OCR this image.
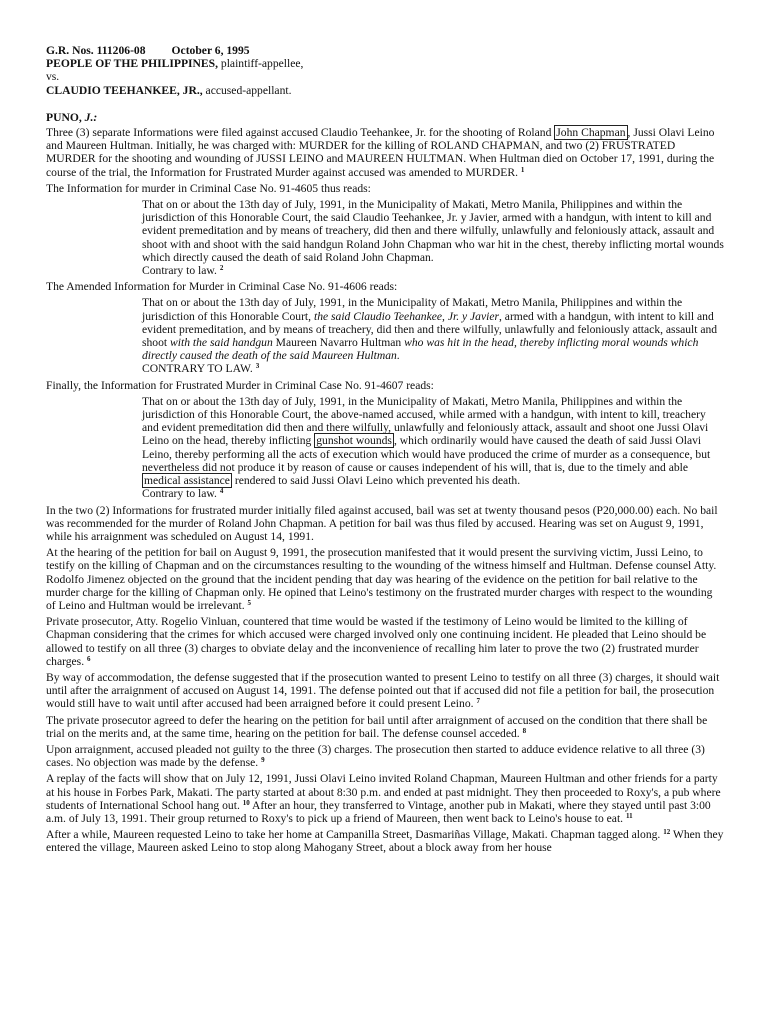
G.R. Nos. 111206-08 October 6, 1995

PEOPLE OF THE PHILIPPINES, plaintiff-appellee,

vs.

CLAUDIO TEEHANKEE, JR., accused-appellant.

PUNO, J.:

Three (3) separate Informations were filed against accused Claudio Teehankee, Jr. for the shooting of Roland John Chapman , Jussi Olavi Leino and Maureen Hultman. Initially, he was charged with: MURDER for the killing of ROLAND CHAPMAN, and two (2) FRUSTRATED MURDER for the shooting and wounding of JUSSI LEINO and MAUREEN HULTMAN. When Hultman died on October 17, 1991, during the course of the trial, the Information for Frustrated Murder against accused was amended to MURDER. $^1$

The Information for murder in Criminal Case No. 91-4605 thus reads:

That on or about the 13th day of July, 1991, in the Municipality of Makati, Metro Manila, Philippines and within the jurisdiction of this Honorable Court, the said Claudio Teehankee, Jr. y Javier, armed with a handgun, with intent to kill and evident premeditation and by means of treachery, did then and there wilfully, unlawfully and feloniously attack, assault and shoot with and shoot with the said handgun Roland John Chapman who war hit in the chest, thereby inflicting mortal wounds which directly caused the death of said Roland John Chapman.

Contrary to law. $^2$

The Amended Information for Murder in Criminal Case No. 91-4606 reads:

That on or about the 13th day of July, 1991, in the Municipality of Makati, Metro Manila, Philippines and within the jurisdiction of this Honorable Court, the said Claudio Teehankee, Jr. y Javier, armed with a handgun, with intent to kill and evident premeditation, and by means of treachery, did then and there wilfully, unlawfully and feloniously attack, assault and shoot with the said handgun Maureen Navarro Hultman who was hit in the head, thereby inflicting moral wounds which directly caused the death of the said Maureen Hultman.

CONTRARY TO LAW. $^3$

Finally, the Information for Frustrated Murder in Criminal Case No. 91-4607 reads:

That on or about the 13th day of July, 1991, in the Municipality of Makati, Metro Manila, Philippines and within the jurisdiction of this Honorable Court, the above-named accused, while armed with a handgun, with intent to kill, treachery and evident premeditation did then and there wilfully, unlawfully and feloniously attack, assault and shoot one Jussi Olavi Leino on the head, thereby inflicting gunshot wounds , which ordinarily would have caused the death of said Jussi Olavi Leino, thereby performing all the acts of execution which would have produced the crime of murder as a consequence, but nevertheless did not produce it by reason of cause or causes independent of his will, that is, due to the timely and able medical assistance rendered to said Jussi Olavi Leino which prevented his death.

Contrary to law. $^4$

In the two (2) Informations for frustrated murder initially filed against accused, bail was set at twenty thousand pesos (P20,000.00) each. No bail was recommended for the murder of Roland John Chapman. A petition for bail was thus filed by accused. Hearing was set on August 9, 1991, while his arraignment was scheduled on August 14, 1991.

At the hearing of the petition for bail on August 9, 1991, the prosecution manifested that it would present the surviving victim, Jussi Leino, to testify on the killing of Chapman and on the circumstances resulting to the wounding of the witness himself and Hultman. Defense counsel Atty. Rodolfo Jimenez objected on the ground that the incident pending that day was hearing of the evidence on the petition for bail relative to the murder charge for the killing of Chapman only. He opined that Leino's testimony on the frustrated murder charges with respect to the wounding of Leino and Hultman would be irrelevant. $^5$

Private prosecutor, Atty. Rogelio Vinluan, countered that time would be wasted if the testimony of Leino would be limited to the killing of Chapman considering that the crimes for which accused were charged involved only one continuing incident. He pleaded that Leino should be allowed to testify on all three (3) charges to obviate delay and the inconvenience of recalling him later to prove the two (2) frustrated murder charges. $^6$

By way of accommodation, the defense suggested that if the prosecution wanted to present Leino to testify on all three (3) charges, it should wait until after the arraignment of accused on August 14, 1991. The defense pointed out that if accused did not file a petition for bail, the prosecution would still have to wait until after accused had been arraigned before it could present Leino. $^7$

The private prosecutor agreed to defer the hearing on the petition for bail until after arraignment of accused on the condition that there shall be trial on the merits and, at the same time, hearing on the petition for bail. The defense counsel acceded. $^8$

Upon arraignment, accused pleaded not guilty to the three (3) charges. The prosecution then started to adduce evidence relative to all three (3) cases. No objection was made by the defense. $^9$

A replay of the facts will show that on July 12, 1991, Jussi Olavi Leino invited Roland Chapman, Maureen Hultman and other friends for a party at his house in Forbes Park, Makati. The party started at about 8:30 p.m. and ended at past midnight. They then proceeded to Roxy's, a pub where students of International School hang out. $^{10}$ After an hour, they transferred to Vintage, another pub in Makati, where they stayed until past 3:00 a.m. of July 13, 1991. Their group returned to Roxy's to pick up a friend of Maureen, then went back to Leino's house to eat. $^{11}$

After a while, Maureen requested Leino to take her home at Campanilla Street, Dasmariñas Village, Makati. Chapman tagged along. $^{12}$ When they entered the village, Maureen asked Leino to stop along Mahogany Street, about a block away from her house
